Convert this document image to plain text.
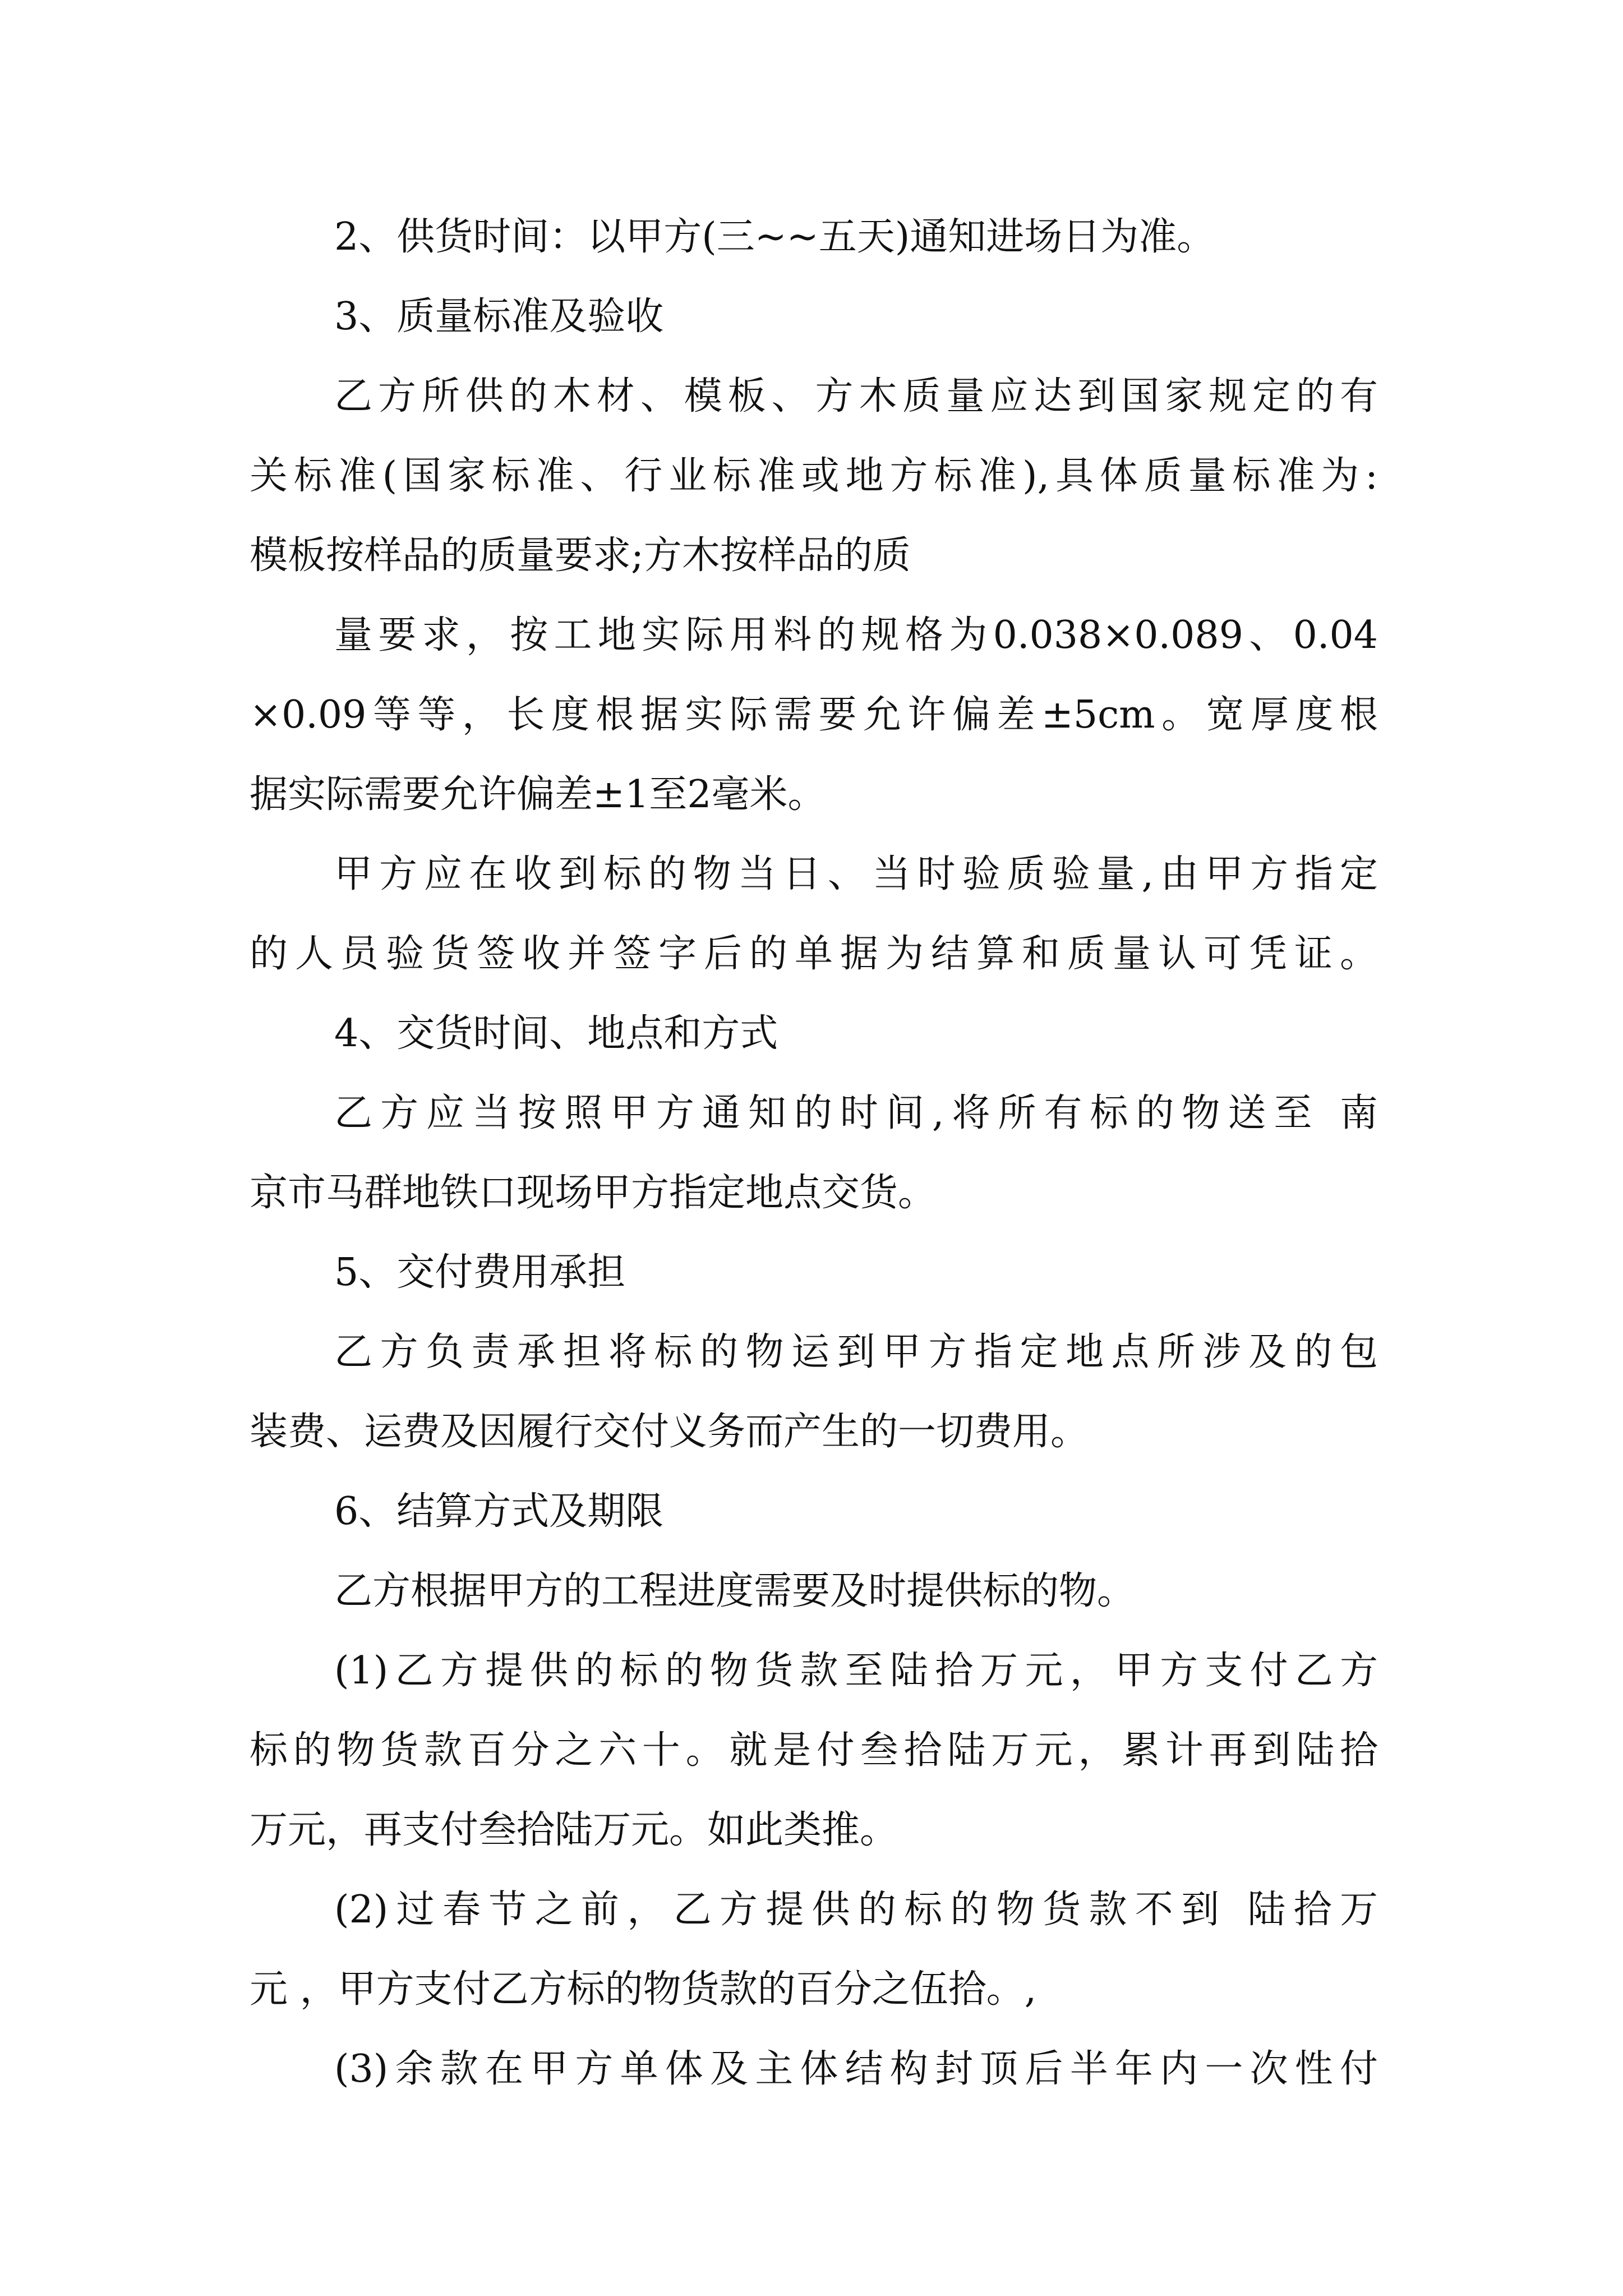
2、供货时间：以甲方(三~~五天)通知进场日为准。
3、质量标准及验收
乙方所供的木材、模板、方木质量应达到国家规定的有
关标准(国家标准、行业标准或地方标准),具体质量标准为:
模板按样品的质量要求;方木按样品的质
量要求，按工地实际用料的规格为0.038×0.089、0.04
×0.09等等，长度根据实际需要允许偏差±5cm。宽厚度根
据实际需要允许偏差±1至2毫米。
甲方应在收到标的物当日、当时验质验量,由甲方指定
的人员验货签收并签字后的单据为结算和质量认可凭证。
4、交货时间、地点和方式
乙方应当按照甲方通知的时间,将所有标的物送至 南
京市马群地铁口现场甲方指定地点交货。
5、交付费用承担
乙方负责承担将标的物运到甲方指定地点所涉及的包
装费、运费及因履行交付义务而产生的一切费用。
6、结算方式及期限
乙方根据甲方的工程进度需要及时提供标的物。
(1)乙方提供的标的物货款至陆拾万元，甲方支付乙方
标的物货款百分之六十。就是付叁拾陆万元，累计再到陆拾
万元，再支付叁拾陆万元。如此类推。
(2)过春节之前，乙方提供的标的物货款不到 陆拾万
元 ，甲方支付乙方标的物货款的百分之伍拾。,
(3)余款在甲方单体及主体结构封顶后半年内一次性付
